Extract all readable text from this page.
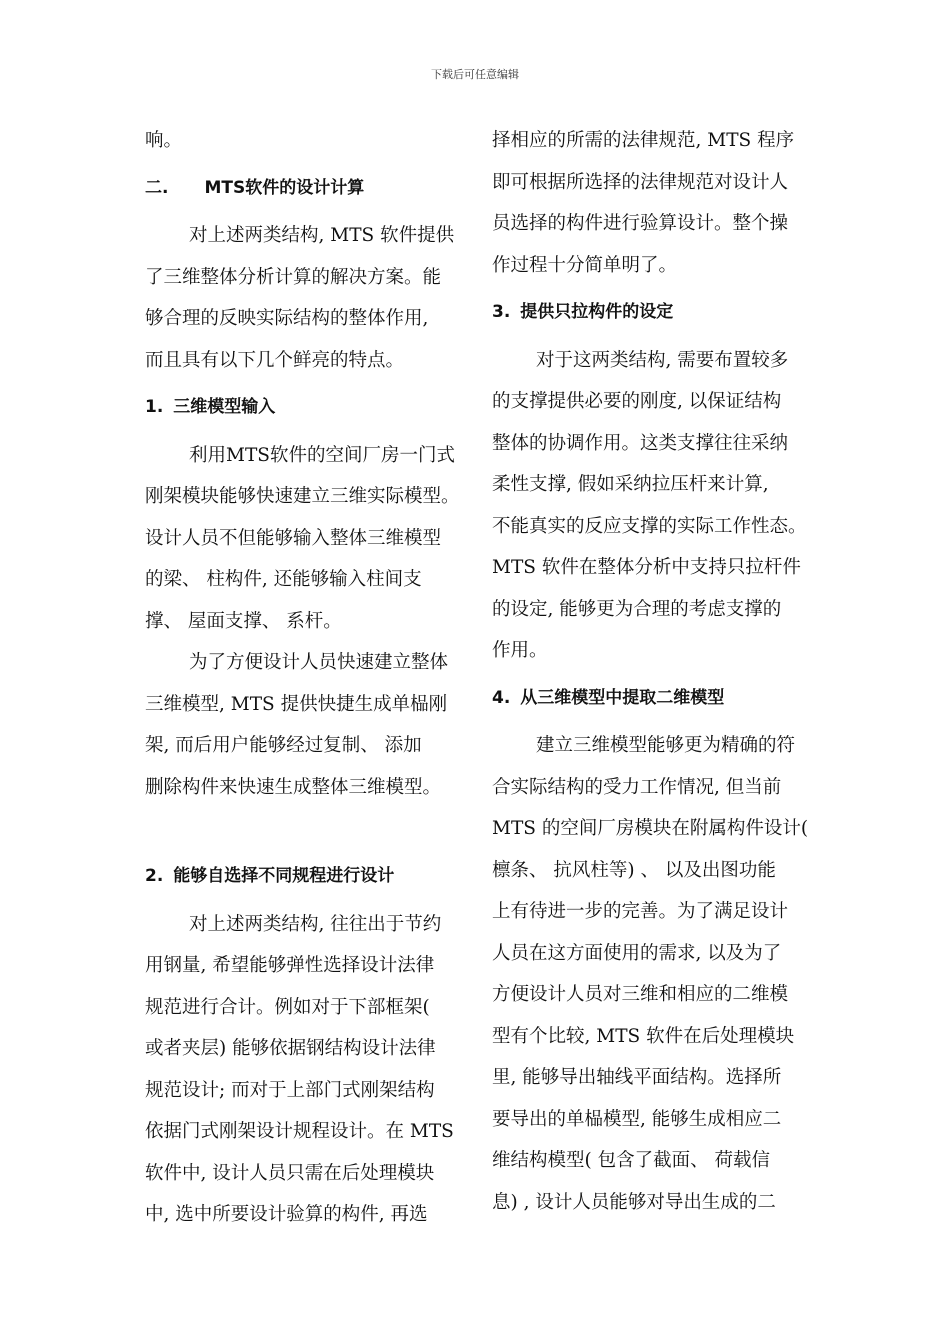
下载后可任意编辑

响。

二. MTS软件的设计计算

对上述两类结构, MTS 软件提供

了三维整体分析计算的解决方案。能

够合理的反映实际结构的整体作用,

而且具有以下几个鲜亮的特点。

1. 三维模型输入

利用MTS软件的空间厂房一门式

刚架模块能够快速建立三维实际模型。

设计人员不但能够输入整体三维模型

的梁、 柱构件, 还能够输入柱间支

撑、 屋面支撑、 系杆。

为了方便设计人员快速建立整体

三维模型, MTS 提供快捷生成单榀刚

架, 而后用户能够经过复制、 添加

删除构件来快速生成整体三维模型。

2. 能够自选择不同规程进行设计

对上述两类结构, 往往出于节约

用钢量, 希望能够弹性选择设计法律

规范进行合计。例如对于下部框架(

或者夹层) 能够依据钢结构设计法律

规范设计; 而对于上部门式刚架结构

依据门式刚架设计规程设计。在 MTS

软件中, 设计人员只需在后处理模块

中, 选中所要设计验算的构件, 再选

择相应的所需的法律规范, MTS 程序

即可根据所选择的法律规范对设计人

员选择的构件进行验算设计。整个操

作过程十分简单明了。

3. 提供只拉构件的设定

对于这两类结构, 需要布置较多

的支撑提供必要的刚度, 以保证结构

整体的协调作用。这类支撑往往采纳

柔性支撑, 假如采纳拉压杆来计算,

不能真实的反应支撑的实际工作性态。

MTS 软件在整体分析中支持只拉杆件

的设定, 能够更为合理的考虑支撑的

作用。

4. 从三维模型中提取二维模型

建立三维模型能够更为精确的符

合实际结构的受力工作情况, 但当前

MTS 的空间厂房模块在附属构件设计(

檩条、 抗风柱等) 、 以及出图功能

上有待进一步的完善。为了满足设计

人员在这方面使用的需求, 以及为了

方便设计人员对三维和相应的二维模

型有个比较, MTS 软件在后处理模块

里, 能够导出轴线平面结构。选择所

要导出的单榀模型, 能够生成相应二

维结构模型( 包含了截面、 荷载信

息) , 设计人员能够对导出生成的二
